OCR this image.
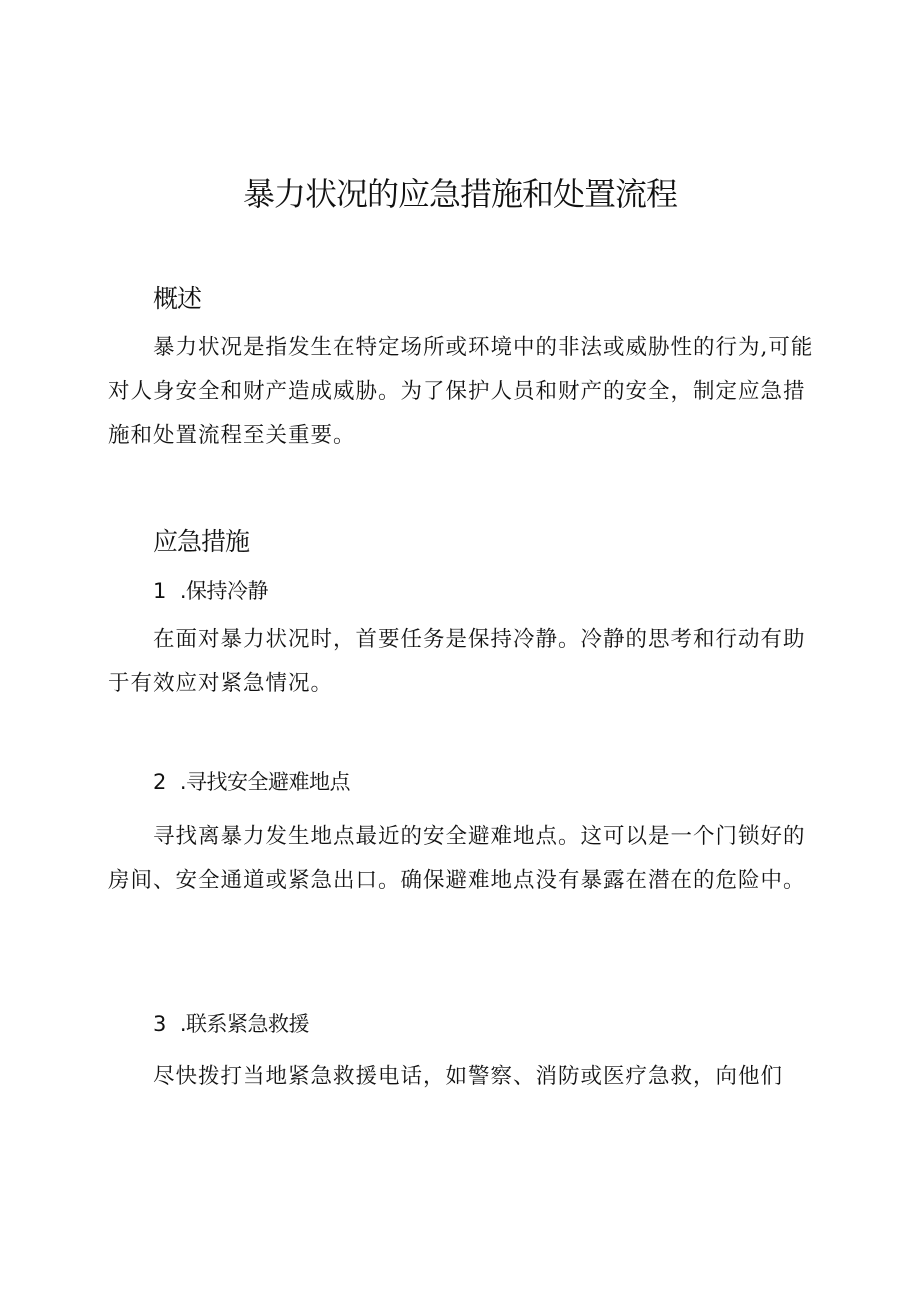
暴力状况的应急措施和处置流程
概述

暴力状况是指发生在特定场所或环境中的非法或威胁性的行为,可能对人身安全和财产造成威胁。为了保护人员和财产的安全，制定应急措施和处置流程至关重要。

应急措施
1 .保持冷静

在面对暴力状况时，首要任务是保持冷静。冷静的思考和行动有助于有效应对紧急情况。

2 .寻找安全避难地点

寻找离暴力发生地点最近的安全避难地点。这可以是一个门锁好的房间、安全通道或紧急出口。确保避难地点没有暴露在潜在的危险中。

3 .联系紧急救援

尽快拨打当地紧急救援电话，如警察、消防或医疗急救，向他们
